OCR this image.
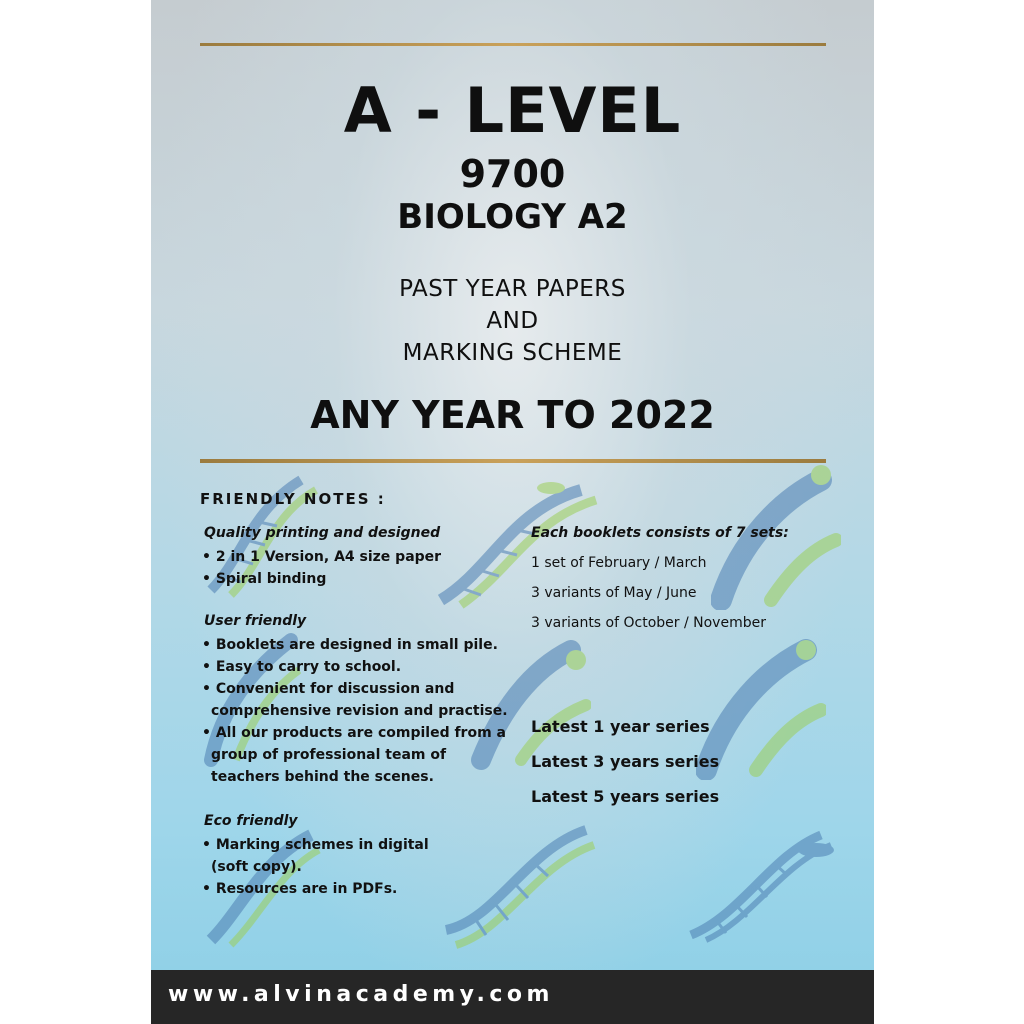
A - LEVEL
9700
BIOLOGY A2
PAST YEAR PAPERS
AND
MARKING SCHEME
ANY YEAR TO 2022
FRIENDLY NOTES :
Quality printing and designed
• 2 in 1 Version, A4 size paper
• Spiral binding
User friendly
• Booklets are designed in small pile.
• Easy to carry to school.
• Convenient for discussion and
comprehensive revision and practise.
• All our products are compiled from a
group of professional team of
teachers behind the scenes.
Eco friendly
• Marking schemes in digital
(soft copy).
• Resources are in PDFs.
Each booklets consists of 7 sets:
1 set of February / March
3 variants of May / June
3 variants of October / November
Latest 1 year series
Latest 3 years series
Latest 5 years series
www.alvinacademy.com
